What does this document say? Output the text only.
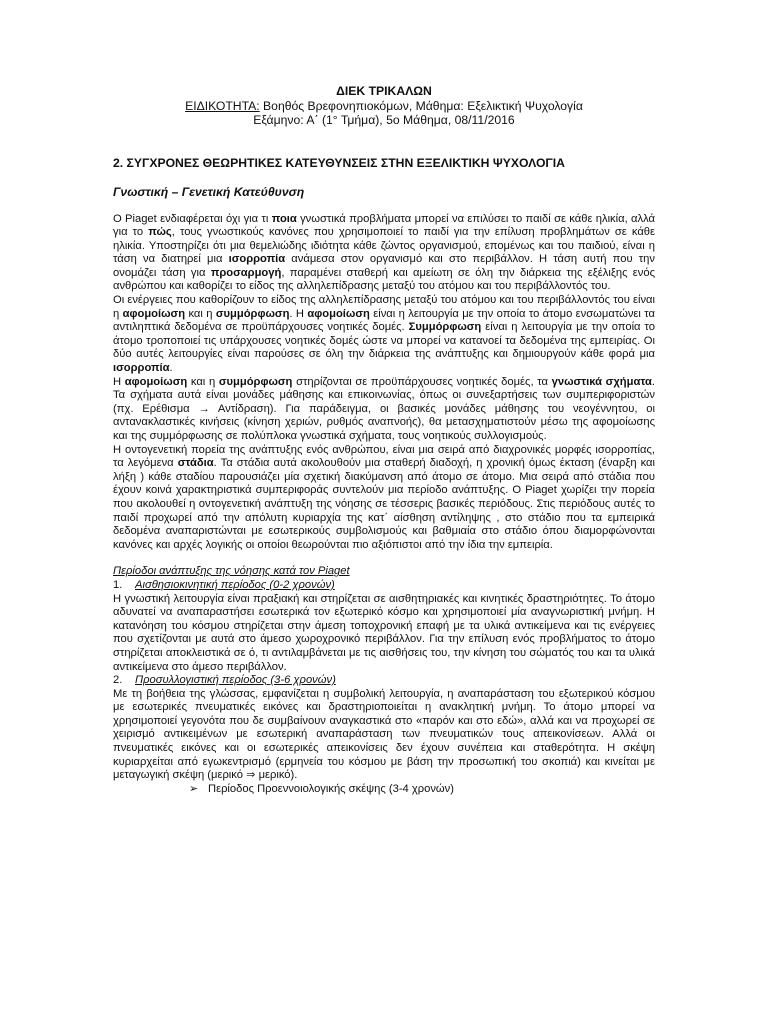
ΔΙΕΚ ΤΡΙΚΑΛΩΝ
ΕΙΔΙΚΟΤΗΤΑ: Βοηθός Βρεφονηπιοκόμων, Μάθημα: Εξελικτική Ψυχολογία
Εξάμηνο: Α΄ (1° Τμήμα), 5ο Μάθημα, 08/11/2016
2. ΣΥΓΧΡΟΝΕΣ ΘΕΩΡΗΤΙΚΕΣ ΚΑΤΕΥΘΥΝΣΕΙΣ ΣΤΗΝ ΕΞΕΛΙΚΤΙΚΗ ΨΥΧΟΛΟΓΙΑ
Γνωστική – Γενετική Κατεύθυνση

Ο Piaget ενδιαφέρεται όχι για τι ποια γνωστικά προβλήματα μπορεί να επιλύσει το παιδί σε κάθε ηλικία, αλλά για το πώς, τους γνωστικούς κανόνες που χρησιμοποιεί το παιδί για την επίλυση προβλημάτων σε κάθε ηλικία. Υποστηρίζει ότι μια θεμελιώδης ιδιότητα κάθε ζώντος οργανισμού, επομένως και του παιδιού, είναι η τάση να διατηρεί μια ισορροπία ανάμεσα στον οργανισμό και στο περιβάλλον. Η τάση αυτή που την ονομάζει τάση για προσαρμογή, παραμένει σταθερή και αμείωτη σε όλη την διάρκεια της εξέλιξης ενός ανθρώπου και καθορίζει το είδος της αλληλεπίδρασης μεταξύ του ατόμου και του περιβάλλοντός του.

Οι ενέργειες που καθορίζουν το είδος της αλληλεπίδρασης μεταξύ του ατόμου και του περιβάλλοντός του είναι η αφομοίωση και η συμμόρφωση. Η αφομοίωση είναι η λειτουργία με την οποία το άτομο ενσωματώνει τα αντιληπτικά δεδομένα σε προϋπάρχουσες νοητικές δομές. Συμμόρφωση είναι η λειτουργία με την οποία το άτομο τροποποιεί τις υπάρχουσες νοητικές δομές ώστε να μπορεί να κατανοεί τα δεδομένα της εμπειρίας. Οι δύο αυτές λειτουργίες είναι παρούσες σε όλη την διάρκεια της ανάπτυξης και δημιουργούν κάθε φορά μια ισορροπία.

Η αφομοίωση και η συμμόρφωση στηρίζονται σε προϋπάρχουσες νοητικές δομές, τα γνωστικά σχήματα. Τα σχήματα αυτά είναι μονάδες μάθησης και επικοινωνίας, όπως οι συνεξαρτήσεις των συμπεριφοριστών (πχ. Ερέθισμα → Αντίδραση). Για παράδειγμα, οι βασικές μονάδες μάθησης του νεογέννητου, οι αντανακλαστικές κινήσεις (κίνηση χεριών, ρυθμός αναπνοής), θα μετασχηματιστούν μέσω της αφομοίωσης και της συμμόρφωσης σε πολύπλοκα γνωστικά σχήματα, τους νοητικούς συλλογισμούς.

Η οντογενετική πορεία της ανάπτυξης ενός ανθρώπου, είναι μια σειρά από διαχρονικές μορφές ισορροπίας, τα λεγόμενα στάδια. Τα στάδια αυτά ακολουθούν μια σταθερή διαδοχή, η χρονική όμως έκταση (έναρξη και λήξη ) κάθε σταδίου παρουσιάζει μία σχετική διακύμανση από άτομο σε άτομο. Μια σειρά από στάδια που έχουν κοινά χαρακτηριστικά συμπεριφοράς συντελούν μια περίοδο ανάπτυξης. Ο Piaget χωρίζει την πορεία που ακολουθεί η οντογενετική ανάπτυξη της νόησης σε τέσσερις βασικές περιόδους. Στις περιόδους αυτές το παιδί προχωρεί από την απόλυτη κυριαρχία της κατ΄ αίσθηση αντίληψης , στο στάδιο που τα εμπειρικά δεδομένα αναπαριστώνται με εσωτερικούς συμβολισμούς και βαθμιαία στο στάδιο όπου διαμορφώνονται κανόνες και αρχές λογικής οι οποίοι θεωρούνται πιο αξιόπιστοι από την ίδια την εμπειρία.

Περίοδοι ανάπτυξης της νόησης κατά τον Piaget
1. Αισθησιοκινητική περίοδος (0-2 χρονών)

Η γνωστική λειτουργία είναι πραξιακή και στηρίζεται σε αισθητηριακές και κινητικές δραστηριότητες. Το άτομο αδυνατεί να αναπαραστήσει εσωτερικά τον εξωτερικό κόσμο και χρησιμοποιεί μία αναγνωριστική μνήμη. Η κατανόηση του κόσμου στηρίζεται στην άμεση τοποχρονική επαφή με τα υλικά αντικείμενα και τις ενέργειες που σχετίζονται με αυτά στο άμεσο χωροχρονικό περιβάλλον. Για την επίλυση ενός προβλήματος το άτομο στηρίζεται αποκλειστικά σε ό, τι αντιλαμβάνεται με τις αισθήσεις του, την κίνηση του σώματός του και τα υλικά αντικείμενα στο άμεσο περιβάλλον.

2. Προσυλλογιστική περίοδος (3-6 χρονών)

Με τη βοήθεια της γλώσσας, εμφανίζεται η συμβολική λειτουργία, η αναπαράσταση του εξωτερικού κόσμου με εσωτερικές πνευματικές εικόνες και δραστηριοποιείται η ανακλητική μνήμη. Το άτομο μπορεί να χρησιμοποιεί γεγονότα που δε συμβαίνουν αναγκαστικά στο «παρόν και στο εδώ», αλλά και να προχωρεί σε χειρισμό αντικειμένων με εσωτερική αναπαράσταση των πνευματικών τους απεικονίσεων. Αλλά οι πνευματικές εικόνες και οι εσωτερικές απεικονίσεις δεν έχουν συνέπεια και σταθερότητα. Η σκέψη κυριαρχείται από εγωκεντρισμό (ερμηνεία του κόσμου με βάση την προσωπική του σκοπιά) και κινείται με μεταγωγική σκέψη (μερικό ⇒ μερικό).

➢ Περίοδος Προεννοιολογικής σκέψης (3-4 χρονών)
